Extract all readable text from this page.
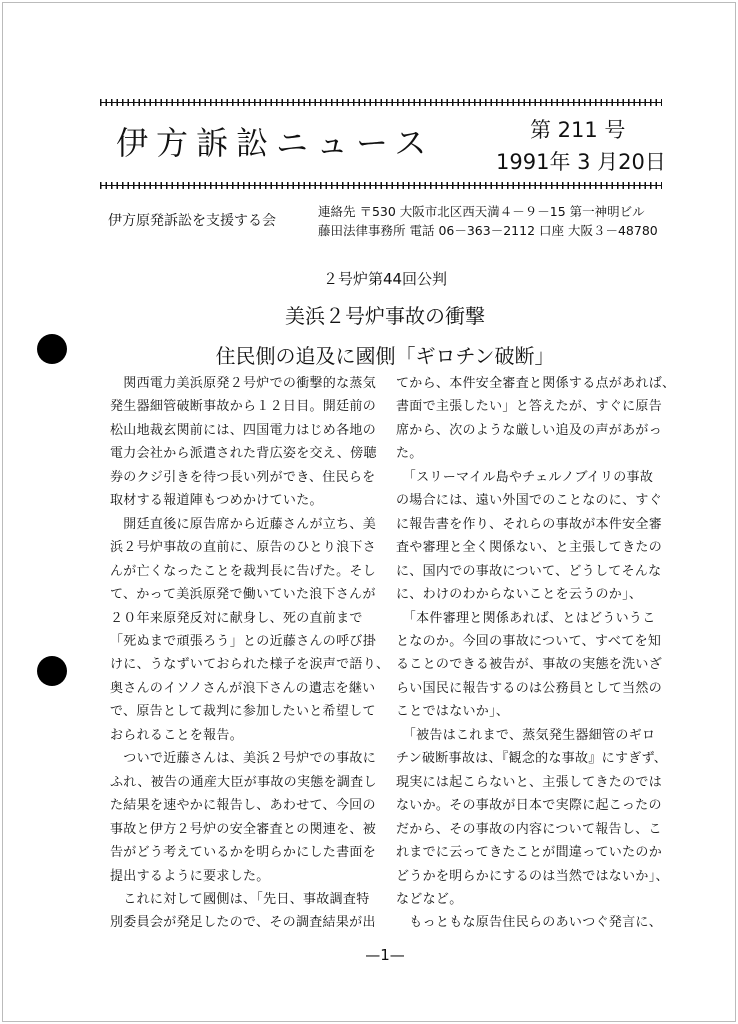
伊方訴訟ニュース	第 211 号
1991年 3 月20日
伊方原発訴訟を支援する会
連絡先 〒530 大阪市北区西天満４－９－15 第一神明ビル
藤田法律事務所 電話 06－363－2112 口座 大阪３－48780
２号炉第44回公判
美浜２号炉事故の衝撃
住民側の追及に國側「ギロチン破断」
　関西電力美浜原発２号炉での衝撃的な蒸気
発生器細管破断事故から１２日目。開廷前の
松山地裁玄関前には、四国電力はじめ各地の
電力会社から派遣された背広姿を交え、傍聴
券のクジ引きを待つ長い列ができ、住民らを
取材する報道陣もつめかけていた。
　開廷直後に原告席から近藤さんが立ち、美
浜２号炉事故の直前に、原告のひとり浪下さ
んが亡くなったことを裁判長に告げた。そし
て、かって美浜原発で働いていた浪下さんが
２０年来原発反対に献身し、死の直前まで
「死ぬまで頑張ろう」との近藤さんの呼び掛
けに、うなずいておられた様子を涙声で語り、
奥さんのイソノさんが浪下さんの遺志を継い
で、原告として裁判に参加したいと希望して
おられることを報告。
　ついで近藤さんは、美浜２号炉での事故に
ふれ、被告の通産大臣が事故の実態を調査し
た結果を速やかに報告し、あわせて、今回の
事故と伊方２号炉の安全審査との関連を、被
告がどう考えているかを明らかにした書面を
提出するように要求した。
　これに対して國側は、「先日、事故調査特
別委員会が発足したので、その調査結果が出
てから、本件安全審査と関係する点があれば、
書面で主張したい」と答えたが、すぐに原告
席から、次のような厳しい追及の声があがっ
た。
　「スリーマイル島やチェルノブイリの事故
の場合には、遠い外国でのことなのに、すぐ
に報告書を作り、それらの事故が本件安全審
査や審理と全く関係ない、と主張してきたの
に、国内での事故について、どうしてそんな
に、わけのわからないことを云うのか」、
　「本件審理と関係あれば、とはどういうこ
となのか。今回の事故について、すべてを知
ることのできる被告が、事故の実態を洗いざ
らい国民に報告するのは公務員として当然の
ことではないか」、
　「被告はこれまで、蒸気発生器細管のギロ
チン破断事故は、『観念的な事故』にすぎず、
現実には起こらないと、主張してきたのでは
ないか。その事故が日本で実際に起こったの
だから、その事故の内容について報告し、こ
れまでに云ってきたことが間違っていたのか
どうかを明らかにするのは当然ではないか」、
などなど。
　もっともな原告住民らのあいつぐ発言に、
—1—
